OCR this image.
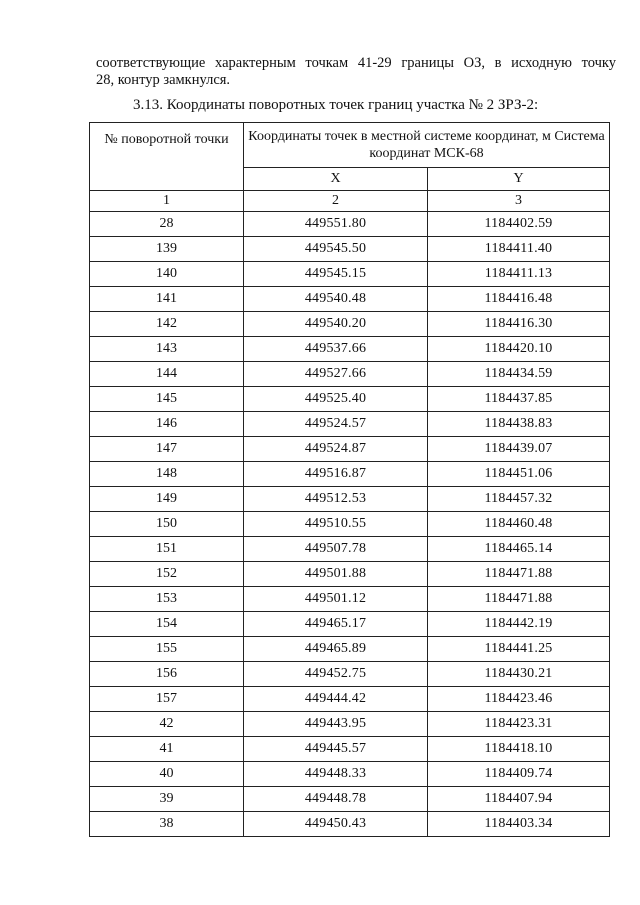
соответствующие характерным точкам 41-29 границы ОЗ, в исходную точку
28, контур замкнулся.
3.13. Координаты поворотных точек границ участка № 2 ЗРЗ-2:
№ поворотной точки	Координаты точек в местной системе координат, м Система координат МСК-68	
	X	Y
1	2	3
28	449551.80	1184402.59
139	449545.50	1184411.40
140	449545.15	1184411.13
141	449540.48	1184416.48
142	449540.20	1184416.30
143	449537.66	1184420.10
144	449527.66	1184434.59
145	449525.40	1184437.85
146	449524.57	1184438.83
147	449524.87	1184439.07
148	449516.87	1184451.06
149	449512.53	1184457.32
150	449510.55	1184460.48
151	449507.78	1184465.14
152	449501.88	1184471.88
153	449501.12	1184471.88
154	449465.17	1184442.19
155	449465.89	1184441.25
156	449452.75	1184430.21
157	449444.42	1184423.46
42	449443.95	1184423.31
41	449445.57	1184418.10
40	449448.33	1184409.74
39	449448.78	1184407.94
38	449450.43	1184403.34
